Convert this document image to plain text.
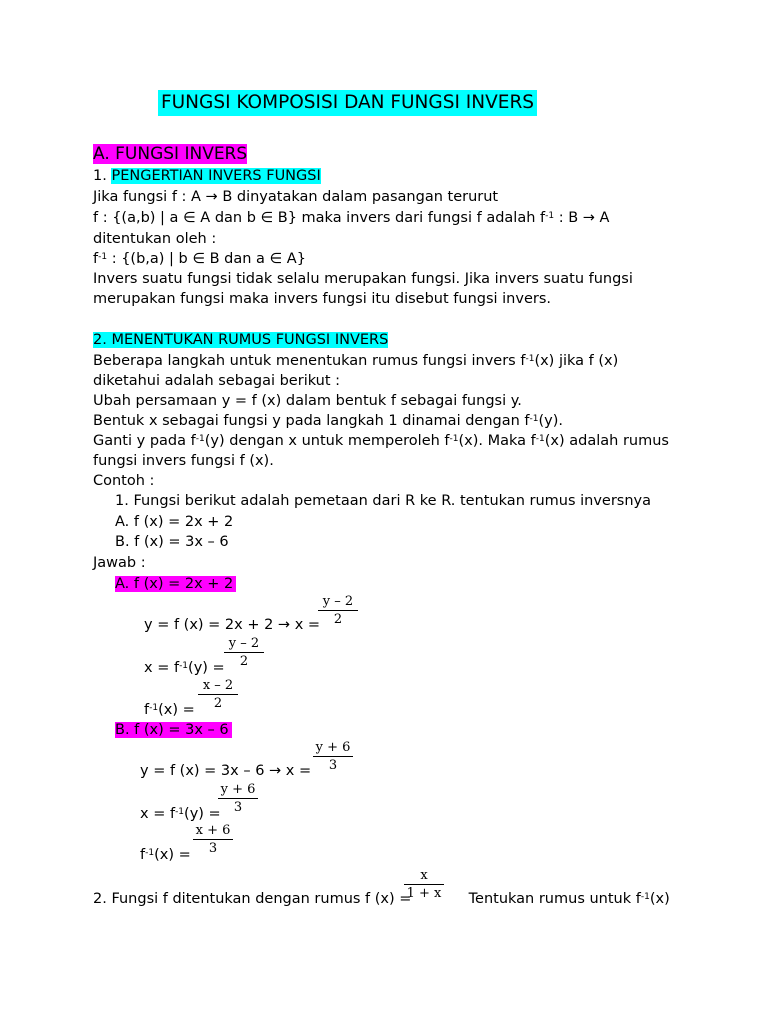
FUNGSI KOMPOSISI DAN FUNGSI INVERS
A. FUNGSI INVERS
1. PENGERTIAN INVERS FUNGSI
Jika fungsi f : A → B dinyatakan dalam pasangan terurut
f : {(a,b) | a ∈ A dan b ∈ B} maka invers dari fungsi f adalah $f^{-1}$ : B → A
ditentukan oleh :
$f^{-1}$ : {(b,a) | b ∈ B dan a ∈ A}
Invers suatu fungsi tidak selalu merupakan fungsi. Jika invers suatu fungsi
merupakan fungsi maka invers fungsi itu disebut fungsi invers.
2. MENENTUKAN RUMUS FUNGSI INVERS
Beberapa langkah untuk menentukan rumus fungsi invers $f^{-1}(x)$ jika f (x)
diketahui adalah sebagai berikut :
Ubah persamaan y = f (x) dalam bentuk f sebagai fungsi y.
Bentuk x sebagai fungsi y pada langkah 1 dinamai dengan $f^{-1}(y)$.
Ganti y pada $f^{-1}(y)$ dengan x untuk memperoleh $f^{-1}(x)$. Maka $f^{-1}(x)$ adalah rumus
fungsi invers fungsi f (x).
Contoh :
1. Fungsi berikut adalah pemetaan dari R ke R. tentukan rumus inversnya
A. f (x) = 2x + 2
B. f (x) = 3x – 6
Jawab :
A. f (x) = 2x + 2
y = f (x) = 2x + 2 → x =
y – 2
2
$x = f^{-1}(y)$ =
y – 2
2
$f^{-1}(x)$ =
x – 2
2
B. f (x) = 3x – 6
y = f (x) = 3x – 6 → x =
y + 6
3
$x = f^{-1}(y)$ =
y + 6
3
$f^{-1}(x)$ =
x + 6
3
2. Fungsi f ditentukan dengan rumus f (x) =	Tentukan rumus untuk $f^{-1}(x)$
x
1 + x
